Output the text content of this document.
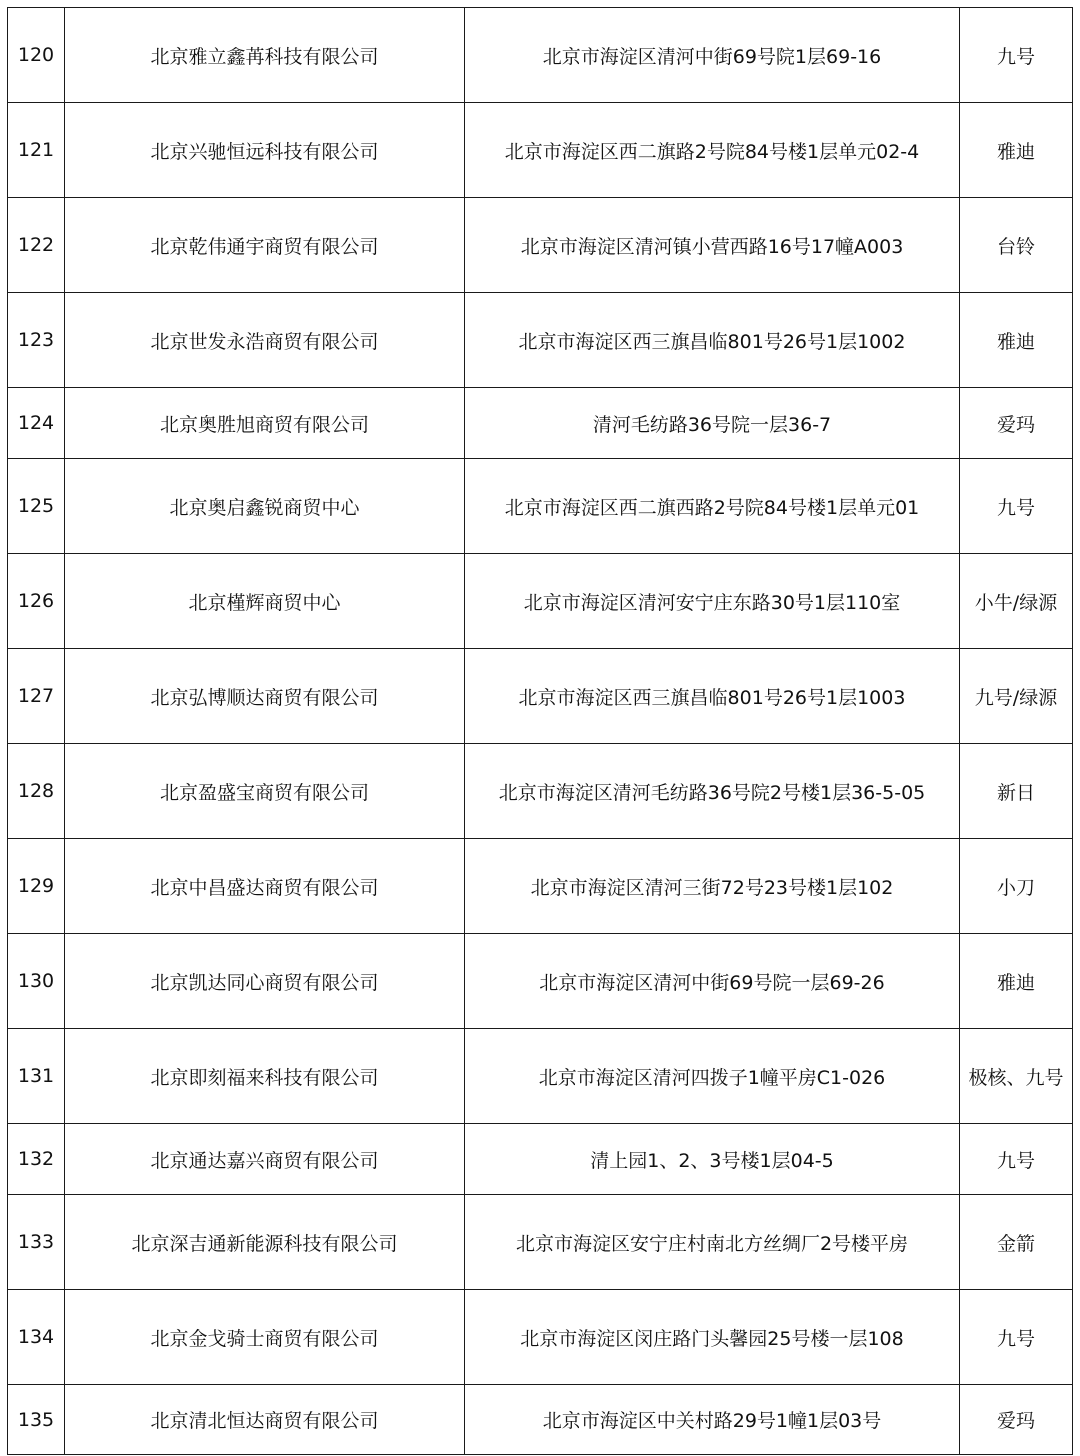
120	北京雅立鑫苒科技有限公司	北京市海淀区清河中街69号院1层69-16	九号
121	北京兴驰恒远科技有限公司	北京市海淀区西二旗路2号院84号楼1层单元02-4	雅迪
122	北京乾伟通宇商贸有限公司	北京市海淀区清河镇小营西路16号17幢A003	台铃
123	北京世发永浩商贸有限公司	北京市海淀区西三旗昌临801号26号1层1002	雅迪
124	北京奥胜旭商贸有限公司	清河毛纺路36号院一层36-7	爱玛
125	北京奥启鑫锐商贸中心	北京市海淀区西二旗西路2号院84号楼1层单元01	九号
126	北京槿辉商贸中心	北京市海淀区清河安宁庄东路30号1层110室	小牛/绿源
127	北京弘博顺达商贸有限公司	北京市海淀区西三旗昌临801号26号1层1003	九号/绿源
128	北京盈盛宝商贸有限公司	北京市海淀区清河毛纺路36号院2号楼1层36-5-05	新日
129	北京中昌盛达商贸有限公司	北京市海淀区清河三街72号23号楼1层102	小刀
130	北京凯达同心商贸有限公司	北京市海淀区清河中街69号院一层69-26	雅迪
131	北京即刻福来科技有限公司	北京市海淀区清河四拨子1幢平房C1-026	极核、九号
132	北京通达嘉兴商贸有限公司	清上园1、2、3号楼1层04-5	九号
133	北京深吉通新能源科技有限公司	北京市海淀区安宁庄村南北方丝绸厂2号楼平房	金箭
134	北京金戈骑士商贸有限公司	北京市海淀区闵庄路门头馨园25号楼一层108	九号
135	北京清北恒达商贸有限公司	北京市海淀区中关村路29号1幢1层03号	爱玛
